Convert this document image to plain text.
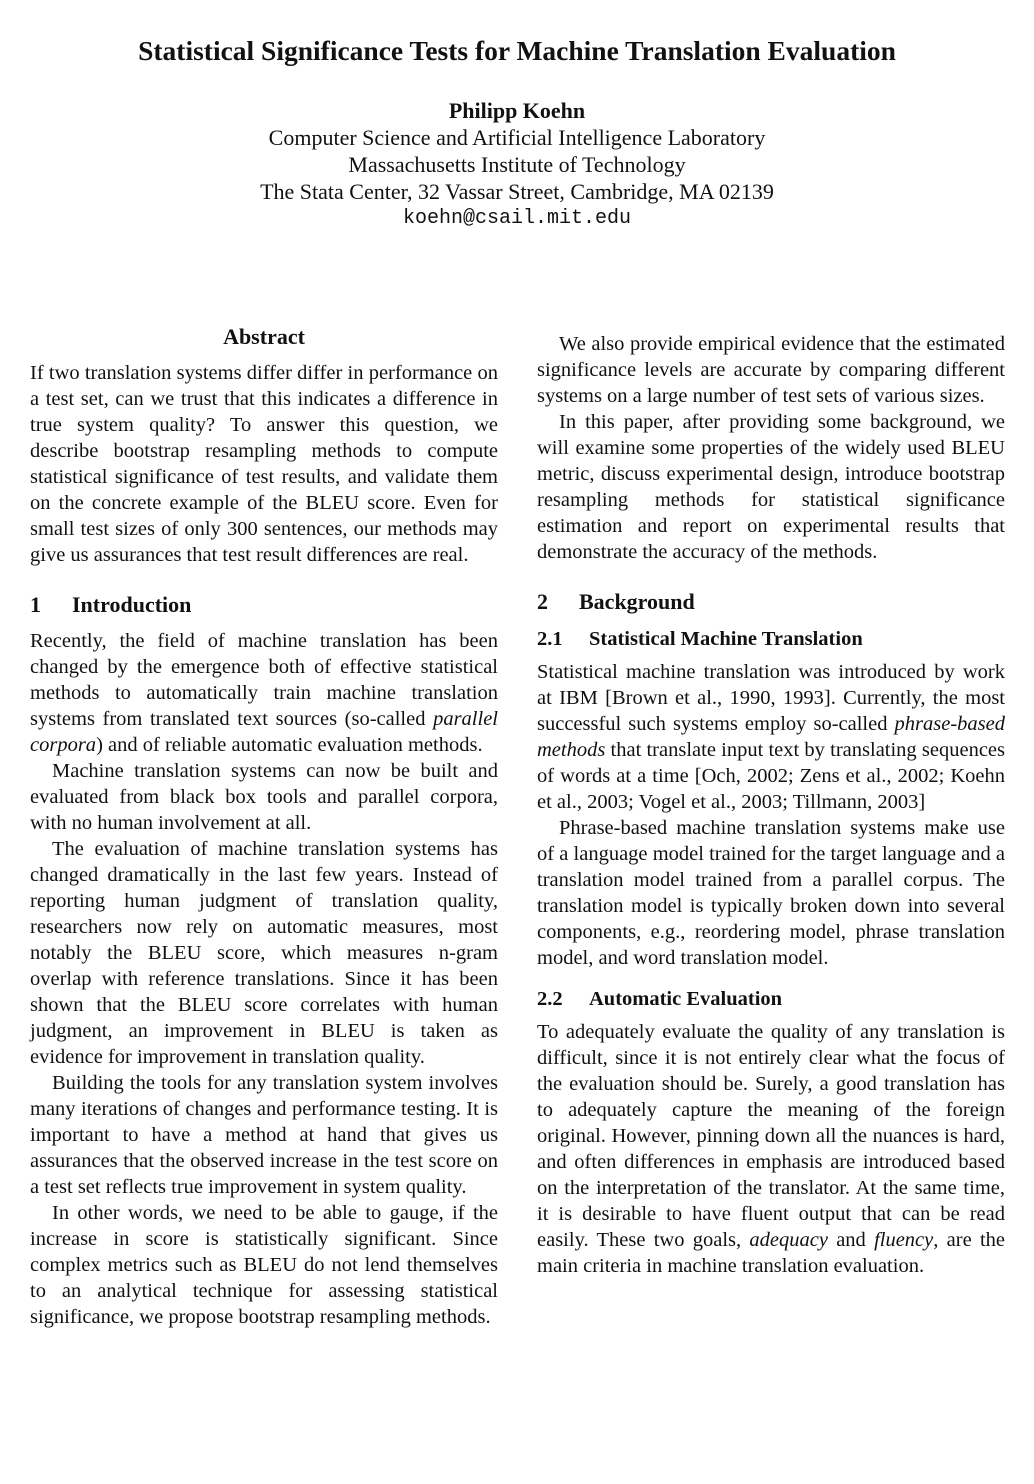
Statistical Significance Tests for Machine Translation Evaluation
Philipp Koehn
Computer Science and Artificial Intelligence Laboratory
Massachusetts Institute of Technology
The Stata Center, 32 Vassar Street, Cambridge, MA 02139
koehn@csail.mit.edu
Abstract

If two translation systems differ differ in performance on a test set, can we trust that this indicates a difference in true system quality? To answer this question, we describe bootstrap resampling methods to compute statistical significance of test results, and validate them on the concrete example of the BLEU score. Even for small test sizes of only 300 sentences, our methods may give us assurances that test result differences are real.

1 Introduction

Recently, the field of machine translation has been changed by the emergence both of effective statistical methods to automatically train machine translation systems from translated text sources (so-called parallel corpora) and of reliable automatic evaluation methods.

Machine translation systems can now be built and evaluated from black box tools and parallel corpora, with no human involvement at all.

The evaluation of machine translation systems has changed dramatically in the last few years. Instead of reporting human judgment of translation quality, researchers now rely on automatic measures, most notably the BLEU score, which measures n-gram overlap with reference translations. Since it has been shown that the BLEU score correlates with human judgment, an improvement in BLEU is taken as evidence for improvement in translation quality.

Building the tools for any translation system involves many iterations of changes and performance testing. It is important to have a method at hand that gives us assurances that the observed increase in the test score on a test set reflects true improvement in system quality.

In other words, we need to be able to gauge, if the increase in score is statistically significant. Since complex metrics such as BLEU do not lend themselves to an analytical technique for assessing statistical significance, we propose bootstrap resampling methods.

We also provide empirical evidence that the estimated significance levels are accurate by comparing different systems on a large number of test sets of various sizes.

In this paper, after providing some background, we will examine some properties of the widely used BLEU metric, discuss experimental design, introduce bootstrap resampling methods for statistical significance estimation and report on experimental results that demonstrate the accuracy of the methods.

2 Background
2.1 Statistical Machine Translation

Statistical machine translation was introduced by work at IBM [Brown et al., 1990, 1993]. Currently, the most successful such systems employ so-called phrase-based methods that translate input text by translating sequences of words at a time [Och, 2002; Zens et al., 2002; Koehn et al., 2003; Vogel et al., 2003; Tillmann, 2003]

Phrase-based machine translation systems make use of a language model trained for the target language and a translation model trained from a parallel corpus. The translation model is typically broken down into several components, e.g., reordering model, phrase translation model, and word translation model.

2.2 Automatic Evaluation

To adequately evaluate the quality of any translation is difficult, since it is not entirely clear what the focus of the evaluation should be. Surely, a good translation has to adequately capture the meaning of the foreign original. However, pinning down all the nuances is hard, and often differences in emphasis are introduced based on the interpretation of the translator. At the same time, it is desirable to have fluent output that can be read easily. These two goals, adequacy and fluency, are the main criteria in machine translation evaluation.
